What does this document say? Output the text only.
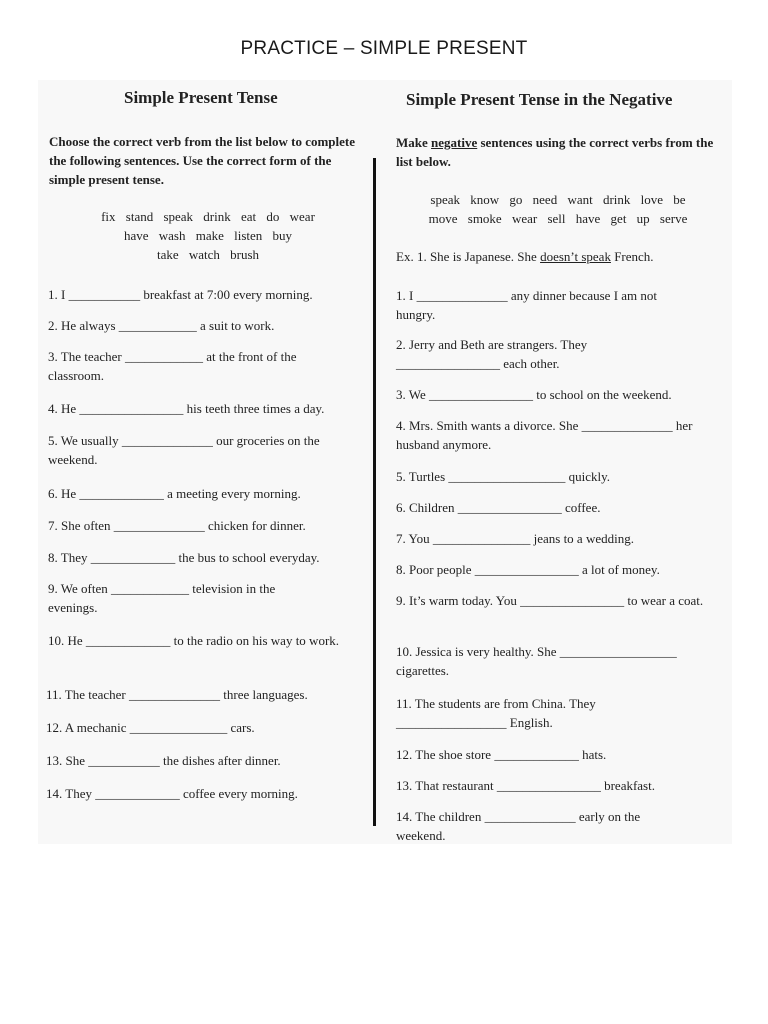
PRACTICE – SIMPLE PRESENT
Simple Present Tense
Choose the correct verb from the list below to complete the following sentences. Use the correct form of the simple present tense.
fix stand speak drink eat do wear
have wash make listen buy
take watch brush
1. I ___________ breakfast at 7:00 every morning.
2. He always ____________ a suit to work.
3. The teacher ____________ at the front of the classroom.
4. He ________________ his teeth three times a day.
5. We usually ______________ our groceries on the weekend.
6. He _____________ a meeting every morning.
7. She often ______________ chicken for dinner.
8. They _____________ the bus to school everyday.
9. We often ____________ television in the evenings.
10. He _____________ to the radio on his way to work.
11. The teacher ______________ three languages.
12. A mechanic _______________ cars.
13. She ___________ the dishes after dinner.
14. They _____________ coffee every morning.
Simple Present Tense in the Negative
Make negative sentences using the correct verbs from the list below.
speak know go need want drink love be
move smoke wear sell have get up serve
Ex. 1. She is Japanese. She doesn’t speak French.
1. I ______________ any dinner because I am not hungry.
2. Jerry and Beth are strangers. They ________________ each other.
3. We ________________ to school on the weekend.
4. Mrs. Smith wants a divorce. She ______________ her husband anymore.
5. Turtles __________________ quickly.
6. Children ________________ coffee.
7. You _______________ jeans to a wedding.
8. Poor people ________________ a lot of money.
9. It’s warm today. You ________________ to wear a coat.
10. Jessica is very healthy. She __________________ cigarettes.
11. The students are from China. They _________________ English.
12. The shoe store _____________ hats.
13. That restaurant ________________ breakfast.
14. The children ______________ early on the weekend.
